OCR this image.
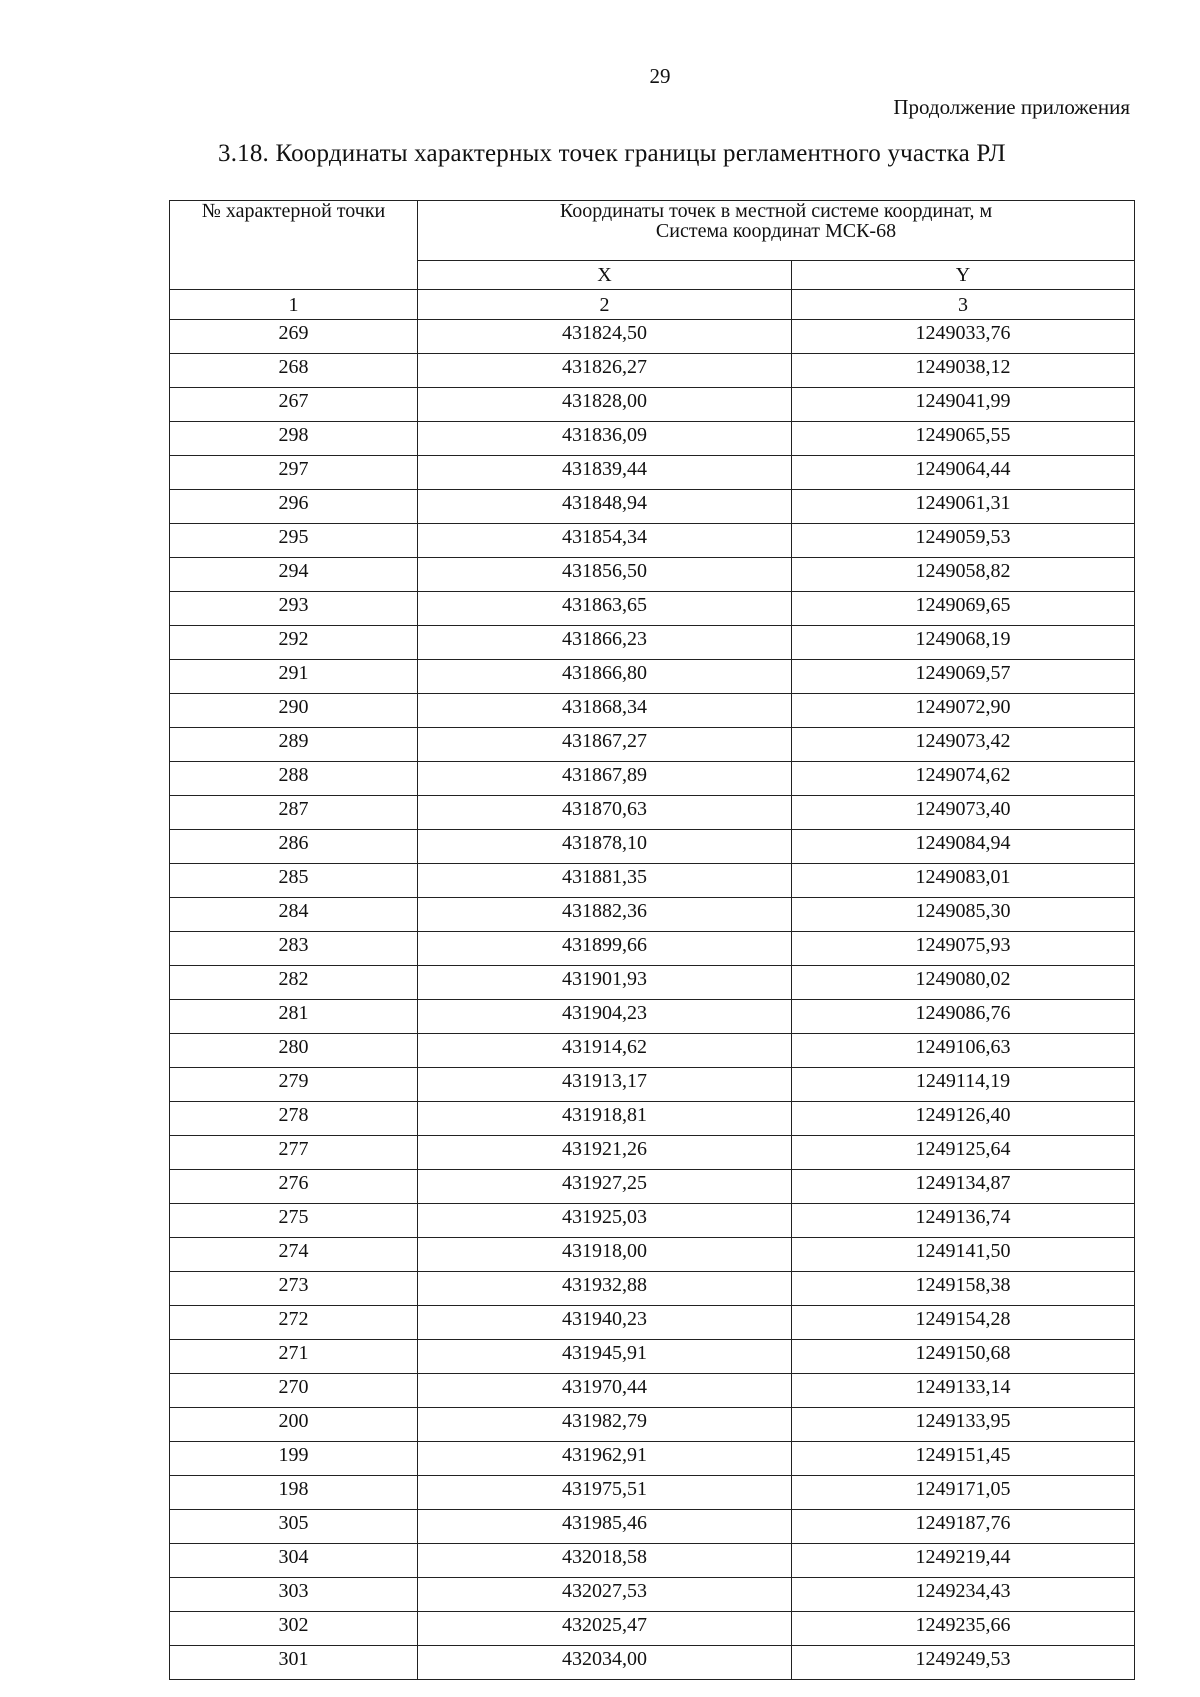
29
Продолжение приложения
3.18. Координаты характерных точек границы регламентного участка РЛ
№ характерной точки	Координаты точек в местной системе координат, м
Система координат МСК-68	

	X	Y
1	2	3
269	431824,50	1249033,76
268	431826,27	1249038,12
267	431828,00	1249041,99
298	431836,09	1249065,55
297	431839,44	1249064,44
296	431848,94	1249061,31
295	431854,34	1249059,53
294	431856,50	1249058,82
293	431863,65	1249069,65
292	431866,23	1249068,19
291	431866,80	1249069,57
290	431868,34	1249072,90
289	431867,27	1249073,42
288	431867,89	1249074,62
287	431870,63	1249073,40
286	431878,10	1249084,94
285	431881,35	1249083,01
284	431882,36	1249085,30
283	431899,66	1249075,93
282	431901,93	1249080,02
281	431904,23	1249086,76
280	431914,62	1249106,63
279	431913,17	1249114,19
278	431918,81	1249126,40
277	431921,26	1249125,64
276	431927,25	1249134,87
275	431925,03	1249136,74
274	431918,00	1249141,50
273	431932,88	1249158,38
272	431940,23	1249154,28
271	431945,91	1249150,68
270	431970,44	1249133,14
200	431982,79	1249133,95
199	431962,91	1249151,45
198	431975,51	1249171,05
305	431985,46	1249187,76
304	432018,58	1249219,44
303	432027,53	1249234,43
302	432025,47	1249235,66
301	432034,00	1249249,53
